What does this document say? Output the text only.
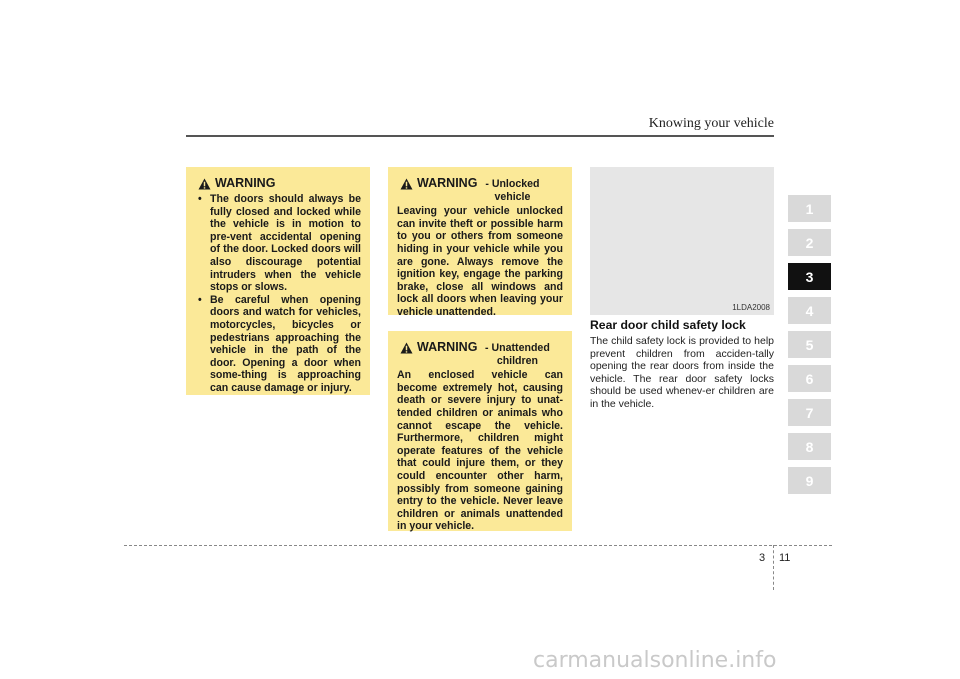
Knowing your vehicle
WARNING
• The doors should always be fully closed and locked while the vehicle is in motion to pre-vent accidental opening of the door. Locked doors will also discourage potential intruders when the vehicle stops or slows.
• Be careful when opening doors and watch for vehicles, motorcycles, bicycles or pedestrians approaching the vehicle in the path of the door. Opening a door when some-thing is approaching can cause damage or injury.
WARNING - Unlocked vehicle
Leaving your vehicle unlocked can invite theft or possible harm to you or others from someone hiding in your vehicle while you are gone. Always remove the ignition key, engage the parking brake, close all windows and lock all doors when leaving your vehicle unattended.
WARNING - Unattended children
An enclosed vehicle can become extremely hot, causing death or severe injury to unat-tended children or animals who cannot escape the vehicle. Furthermore, children might operate features of the vehicle that could injure them, or they could encounter other harm, possibly from someone gaining entry to the vehicle. Never leave children or animals unattended in your vehicle.
1LDA2008
Rear door child safety lock
The child safety lock is provided to help prevent children from acciden-tally opening the rear doors from inside the vehicle. The rear door safety locks should be used whenev-er children are in the vehicle.
1
2
3
4
5
6
7
8
9
3 11
carmanualsonline.info
